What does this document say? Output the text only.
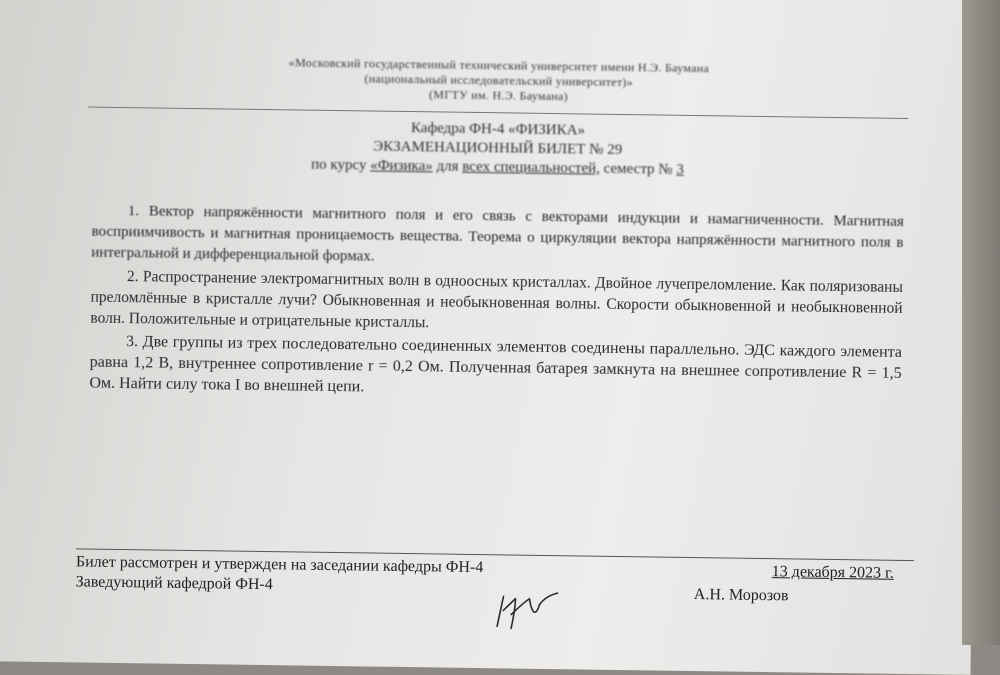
«Московский государственный технический университет имени Н.Э. Баумана
(национальный исследовательский университет)»
(МГТУ им. Н.Э. Баумана)
Кафедра ФН-4 «ФИЗИКА»
ЭКЗАМЕНАЦИОННЫЙ БИЛЕТ № 29
по курсу «Физика» для всех специальностей, семестр № 3

1. Вектор напряжённости магнитного поля и его связь с векторами индукции и намагниченности. Магнитная восприимчивость и магнитная проницаемость вещества. Теорема о циркуляции вектора напряжённости магнитного поля в интегральной и дифференциальной формах.

2. Распространение электромагнитных волн в одноосных кристаллах. Двойное лучепреломление. Как поляризованы преломлённые в кристалле лучи? Обыкновенная и необыкновенная волны. Скорости обыкновенной и необыкновенной волн. Положительные и отрицательные кристаллы.

3. Две группы из трех последовательно соединенных элементов соединены параллельно. ЭДС каждого элемента равна 1,2 В, внутреннее сопротивление r = 0,2 Ом. Полученная батарея замкнута на внешнее сопротивление R = 1,5 Ом. Найти силу тока I во внешней цепи.

Билет рассмотрен и утвержден на заседании кафедры ФН-4	13 декабря 2023 г.
Заведующий кафедрой ФН-4
А.Н. Морозов
